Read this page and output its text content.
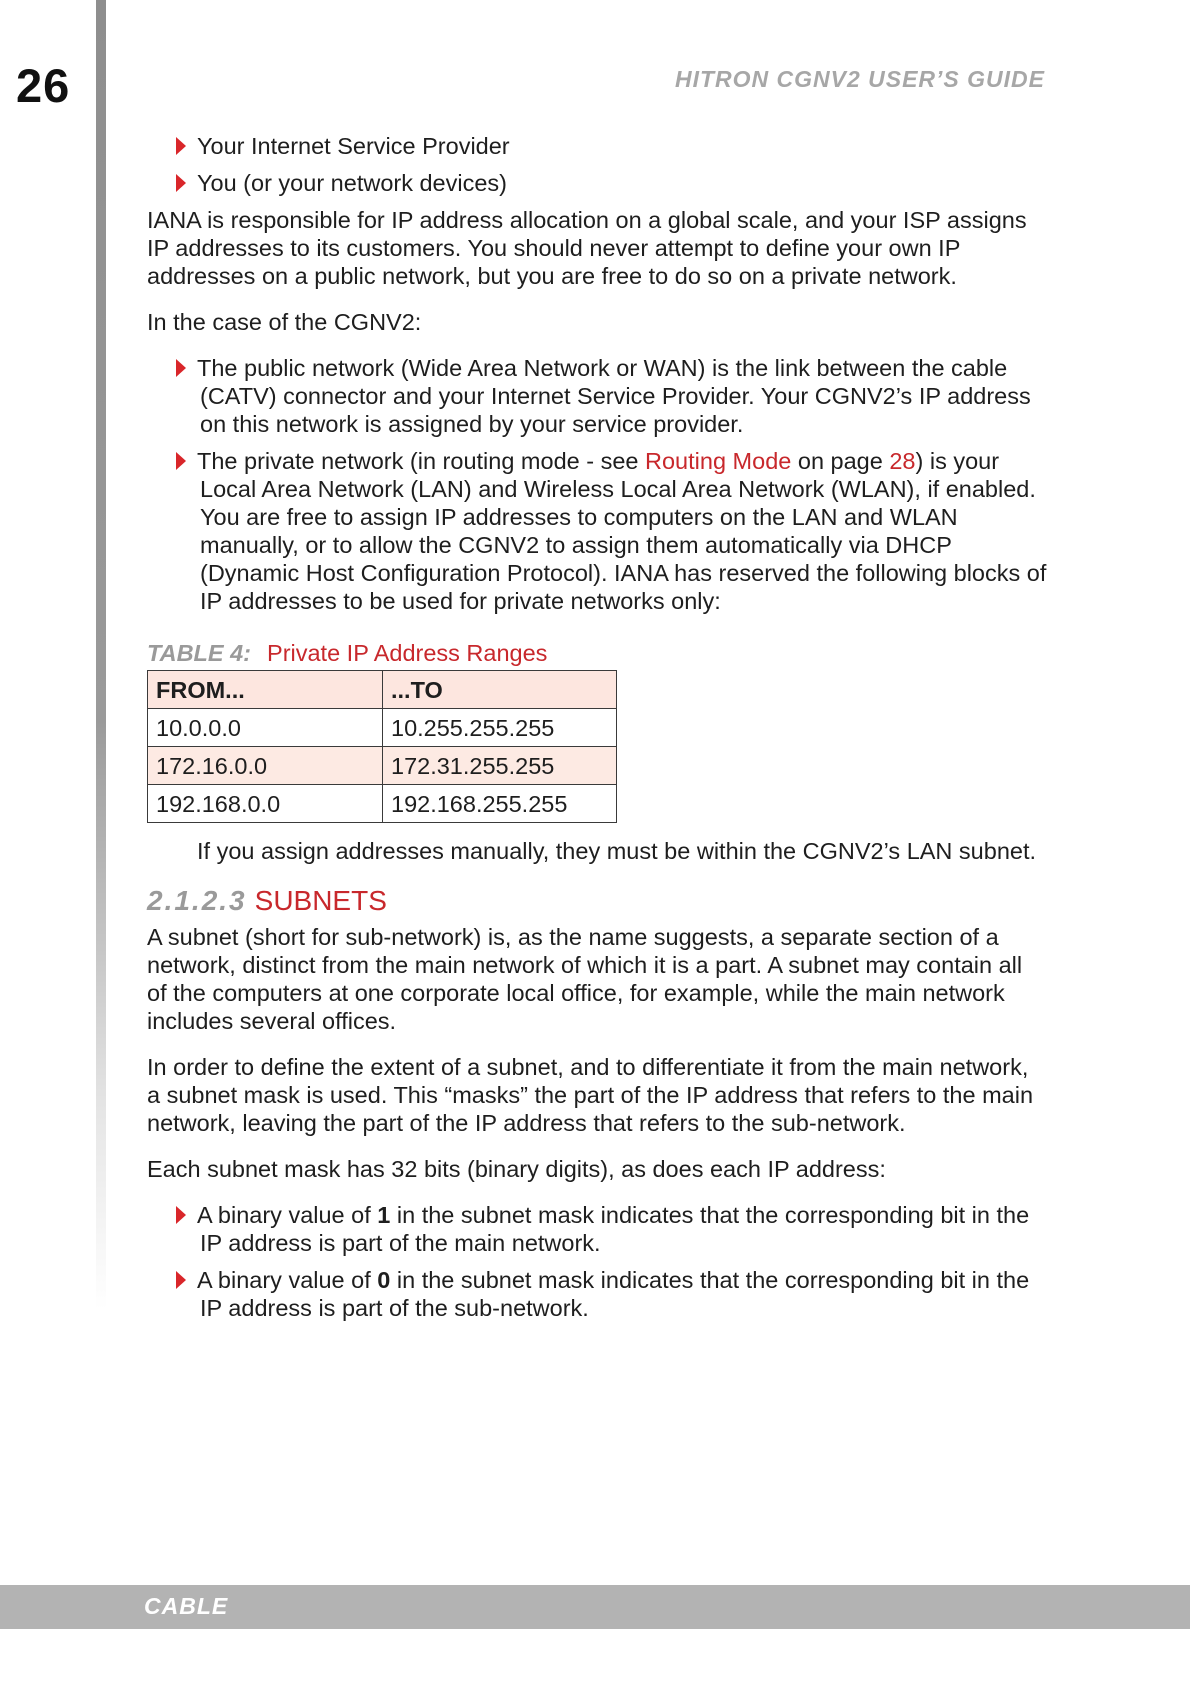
26	HITRON CGNV2 USER’S GUIDE
Your Internet Service Provider
You (or your network devices)

IANA is responsible for IP address allocation on a global scale, and your ISP assigns IP addresses to its customers. You should never attempt to define your own IP addresses on a public network, but you are free to do so on a private network.

In the case of the CGNV2:

The public network (Wide Area Network or WAN) is the link between the cable (CATV) connector and your Internet Service Provider. Your CGNV2’s IP address on this network is assigned by your service provider.
The private network (in routing mode - see Routing Mode on page 28) is your Local Area Network (LAN) and Wireless Local Area Network (WLAN), if enabled. You are free to assign IP addresses to computers on the LAN and WLAN manually, or to allow the CGNV2 to assign them automatically via DHCP (Dynamic Host Configuration Protocol). IANA has reserved the following blocks of IP addresses to be used for private networks only:
TABLE 4: Private IP Address Ranges
FROM...	...TO
10.0.0.0	10.255.255.255
172.16.0.0	172.31.255.255
192.168.0.0	192.168.255.255

If you assign addresses manually, they must be within the CGNV2’s LAN subnet.

2.1.2.3 SUBNETS

A subnet (short for sub-network) is, as the name suggests, a separate section of a network, distinct from the main network of which it is a part. A subnet may contain all of the computers at one corporate local office, for example, while the main network includes several offices.

In order to define the extent of a subnet, and to differentiate it from the main network, a subnet mask is used. This “masks” the part of the IP address that refers to the main network, leaving the part of the IP address that refers to the sub-network.

Each subnet mask has 32 bits (binary digits), as does each IP address:

A binary value of 1 in the subnet mask indicates that the corresponding bit in the IP address is part of the main network.
A binary value of 0 in the subnet mask indicates that the corresponding bit in the IP address is part of the sub-network.
CABLE
